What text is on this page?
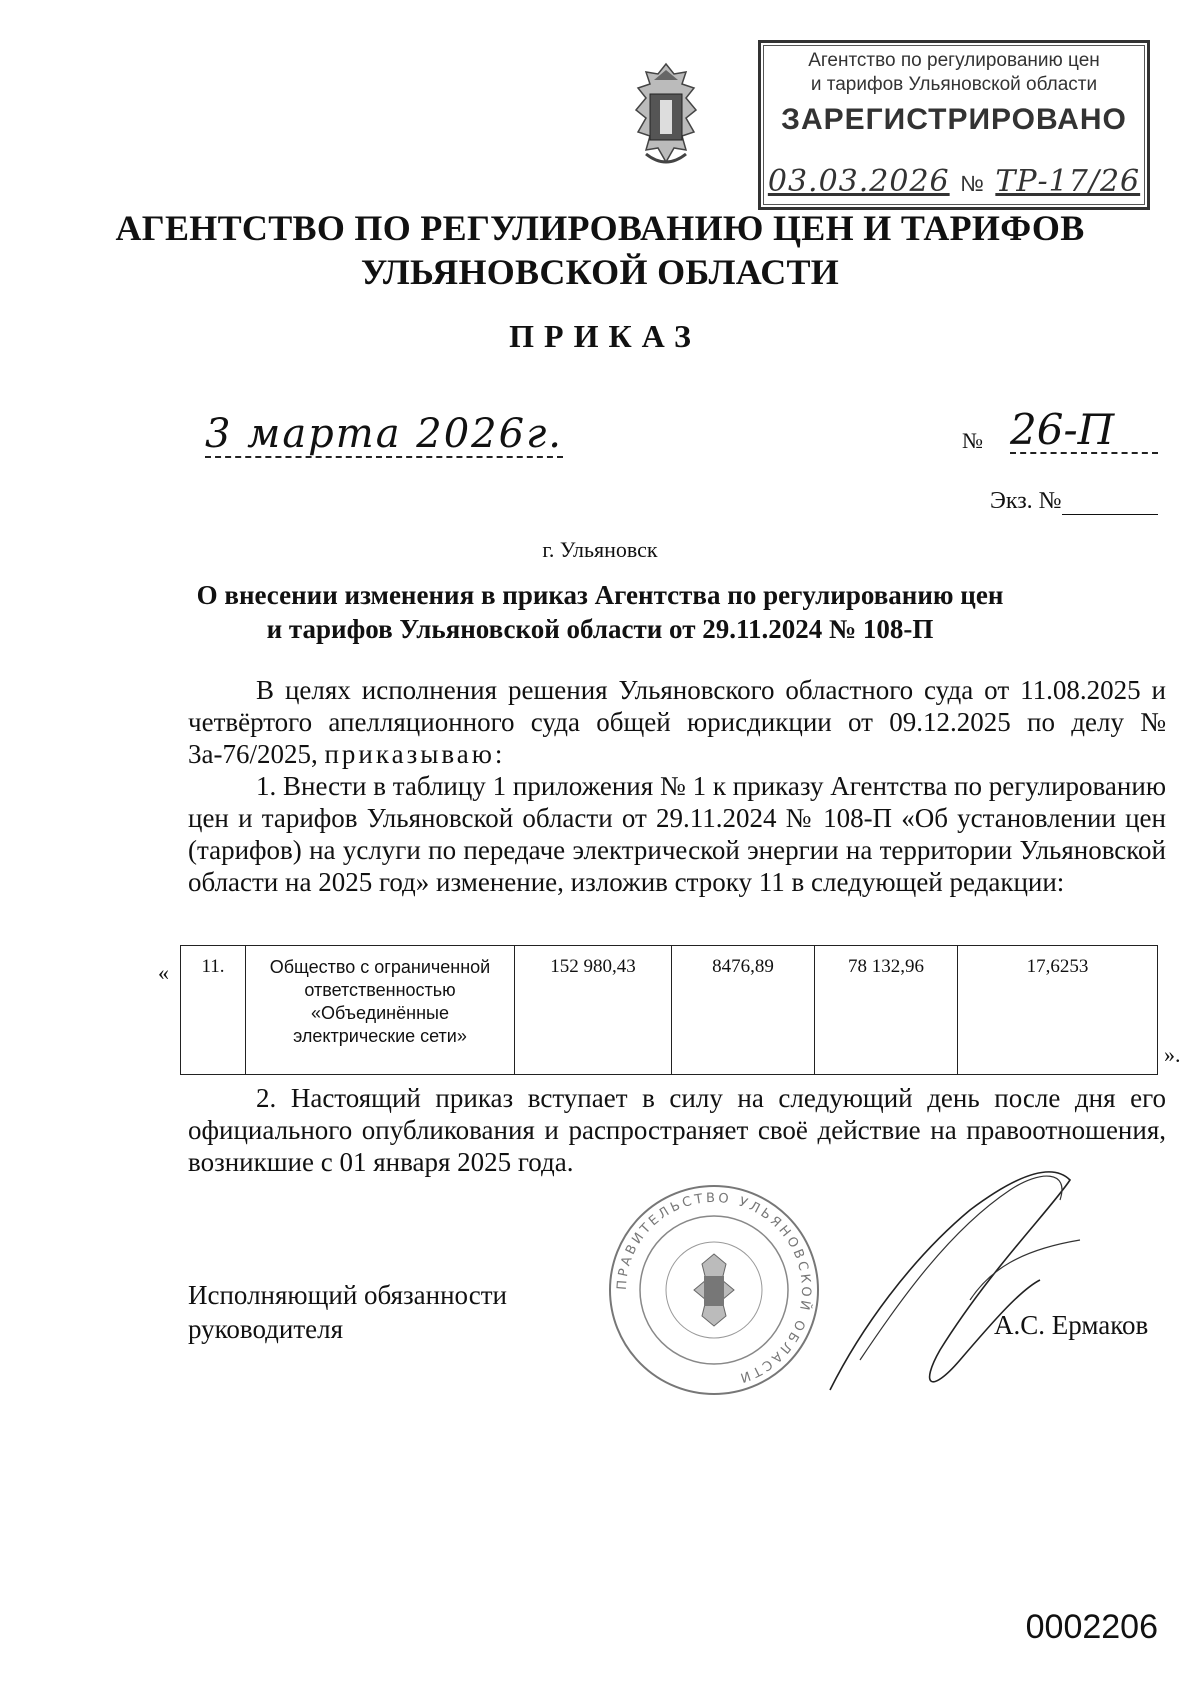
Агентство по регулированию цен
и тарифов Ульяновской области
ЗАРЕГИСТРИРОВАНО
03.03.2026 № ТР-17/26
АГЕНТСТВО ПО РЕГУЛИРОВАНИЮ ЦЕН И ТАРИФОВ
УЛЬЯНОВСКОЙ ОБЛАСТИ
ПРИКАЗ
3 марта 2026г.	№ 26-П
Экз. №
г. Ульяновск
О внесении изменения в приказ Агентства по регулированию цен
и тарифов Ульяновской области от 29.11.2024 № 108-П
В целях исполнения решения Ульяновского областного суда от 11.08.2025 и четвёртого апелляционного суда общей юрисдикции от 09.12.2025 по делу № 3а-76/2025, приказываю:
1. Внести в таблицу 1 приложения № 1 к приказу Агентства по регулированию цен и тарифов Ульяновской области от 29.11.2024 № 108-П «Об установлении цен (тарифов) на услуги по передаче электрической энергии на территории Ульяновской области на 2025 год» изменение, изложив строку 11 в следующей редакции:
« 11.	Общество с ограниченной ответственностью «Объединённые электрические сети»	152 980,43	8476,89	78 132,96	17,6253
».
2. Настоящий приказ вступает в силу на следующий день после дня его официального опубликования и распространяет своё действие на правоотношения, возникшие с 01 января 2025 года.
ПРАВИТЕЛЬСТВО УЛЬЯНОВСКОЙ ОБЛАСТИ
Исполняющий обязанности
руководителя	А.С. Ермаков
0002206
